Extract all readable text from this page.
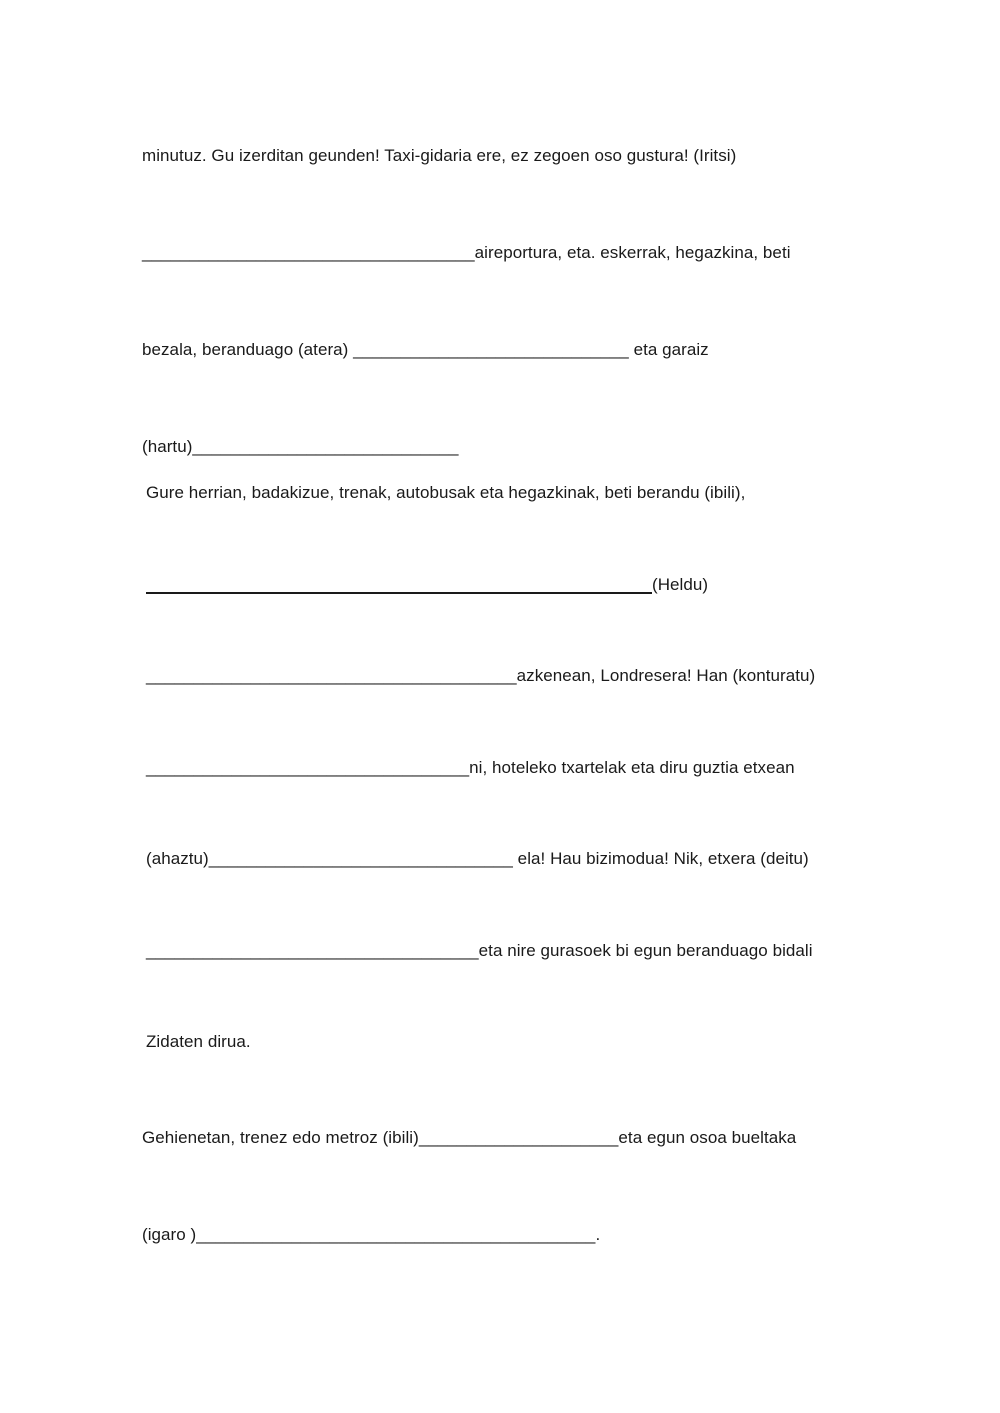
minutuz. Gu izerditan geunden! Taxi-gidaria ere, ez zegoen oso gustura! (Iritsi)
___________________________________aireportura, eta. eskerrak, hegazkina, beti
bezala, beranduago (atera) _____________________________ eta garaiz
(hartu)____________________________
Gure herrian, badakizue, trenak, autobusak eta hegazkinak, beti berandu (ibili),
(Heldu)
_______________________________________azkenean, Londresera! Han (konturatu)
__________________________________ni, hoteleko txartelak eta diru guztia etxean
(ahaztu)________________________________ ela! Hau bizimodua! Nik, etxera (deitu)
___________________________________eta nire gurasoek bi egun beranduago bidali
Zidaten dirua.
Gehienetan, trenez edo metroz (ibili)_____________________eta egun osoa bueltaka
(igaro )__________________________________________.
